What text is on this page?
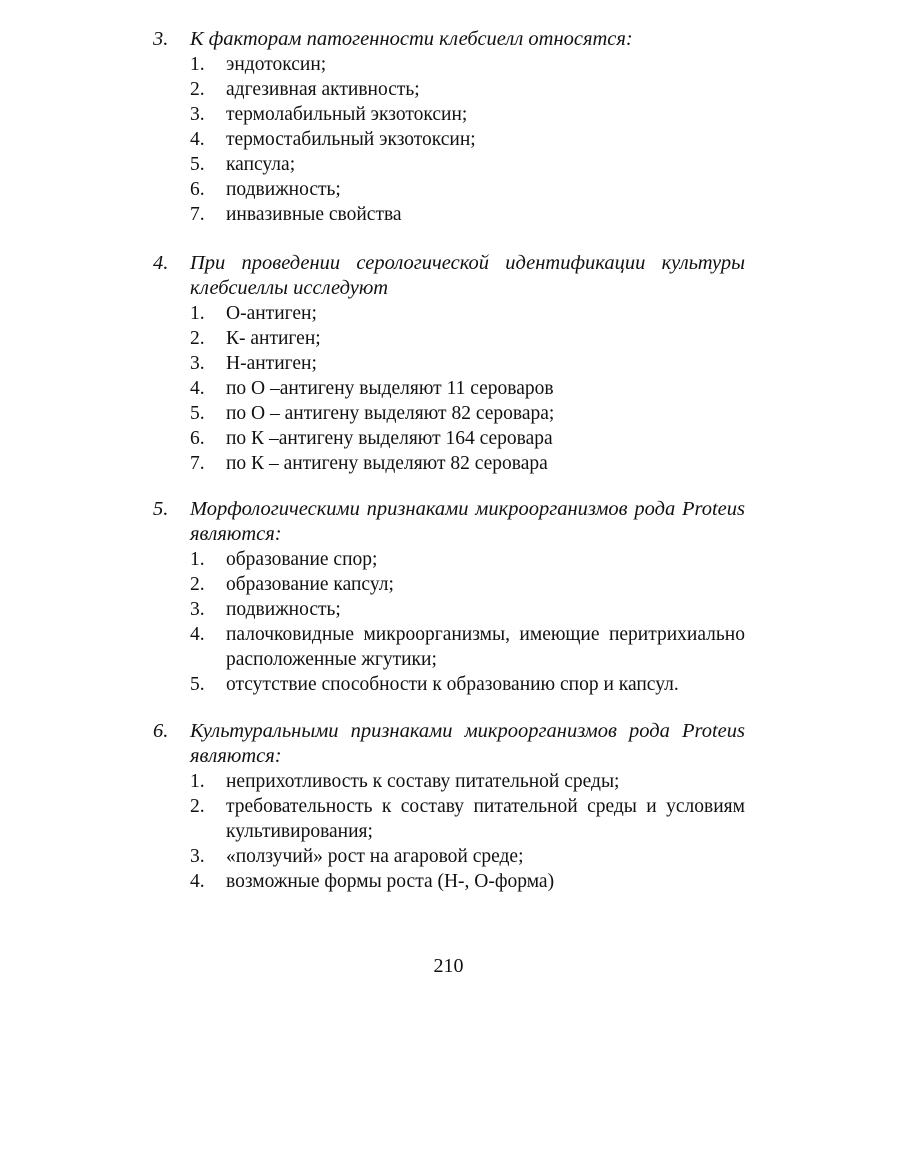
3. К факторам патогенности клебсиелл относятся:
1. эндотоксин;
2. адгезивная активность;
3. термолабильный экзотоксин;
4. термостабильный экзотоксин;
5. капсула;
6. подвижность;
7. инвазивные свойства
4. При проведении серологической идентификации культуры клебсиеллы исследуют
1. О-антиген;
2. К- антиген;
3. Н-антиген;
4. по О –антигену выделяют 11 сероваров
5. по О – антигену выделяют 82 серовара;
6. по К –антигену выделяют 164 серовара
7. по К – антигену выделяют 82 серовара
5. Морфологическими признаками микроорганизмов рода Proteus являются:
1. образование спор;
2. образование капсул;
3. подвижность;
4. палочковидные микроорганизмы, имеющие перитрихиально расположенные жгутики;
5. отсутствие способности к образованию спор и капсул.
6. Культуральными признаками микроорганизмов рода Proteus являются:
1. неприхотливость к составу питательной среды;
2. требовательность к составу питательной среды и условиям культивирования;
3. «ползучий» рост на агаровой среде;
4. возможные формы роста (Н-, О-форма)
210
